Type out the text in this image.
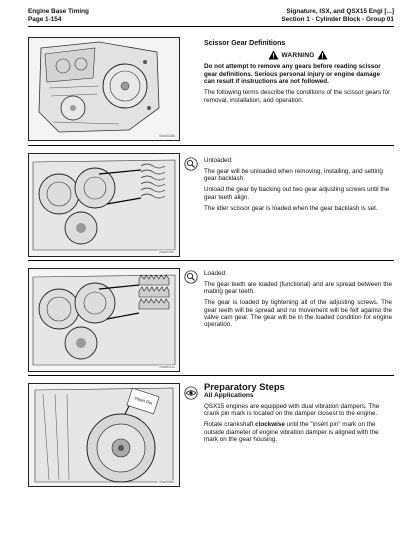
Engine Base Timing
Page 1-154
Signature, ISX, and QSX15 Engi [...]
Section 1 - Cylinder Block - Group 01
00a00356
Scissor Gear Definitions
WARNING

Do not attempt to remove any gears before reading scissor gear definitions. Serious personal injury or engine damage can result if instructions are not followed.

The following terms describe the conditions of the scissor gears for removal, installation, and operation.

00a00357

Unloaded:

The gear will be unloaded when removing, installing, and setting gear backlash.

Unload the gear by backing out two gear adjusting screws until the gear teeth align.

The idler scissor gear is loaded when the gear backlash is set.

00a00111

Loaded:

The gear teeth are loaded (functional) and are spread between the mating gear teeth.

The gear is loaded by tightening all of the adjusting screws. The gear teeth will be spread and no movement will be felt against the valve cam gear. The gear will be in the loaded condition for engine operation.

Insert Pin
00a00661
Preparatory Steps
All Applications

QSX15 engines are equipped with dual vibration dampers. The crank pin mark is located on the damper closest to the engine.

Rotate crankshaft clockwise until the "insert pin" mark on the outside diameter of engine vibration damper is aligned with the mark on the gear housing.
